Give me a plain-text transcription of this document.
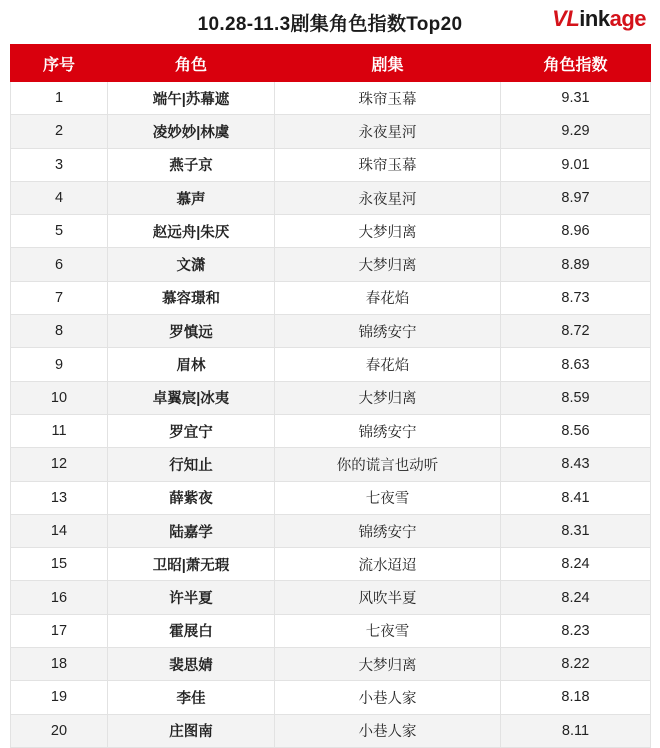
10.28-11.3剧集角色指数Top20	VL ink age
序号	角色	剧集	角色指数
1	端午|苏幕遮	珠帘玉幕	9.31
2	凌妙妙|林虞	永夜星河	9.29
3	燕子京	珠帘玉幕	9.01
4	慕声	永夜星河	8.97
5	赵远舟|朱厌	大梦归离	8.96
6	文潇	大梦归离	8.89
7	慕容璟和	春花焰	8.73
8	罗慎远	锦绣安宁	8.72
9	眉林	春花焰	8.63
10	卓翼宸|冰夷	大梦归离	8.59
11	罗宜宁	锦绣安宁	8.56
12	行知止	你的谎言也动听	8.43
13	薛紫夜	七夜雪	8.41
14	陆嘉学	锦绣安宁	8.31
15	卫昭|萧无瑕	流水迢迢	8.24
16	许半夏	风吹半夏	8.24
17	霍展白	七夜雪	8.23
18	裴思婧	大梦归离	8.22
19	李佳	小巷人家	8.18
20	庄图南	小巷人家	8.11
